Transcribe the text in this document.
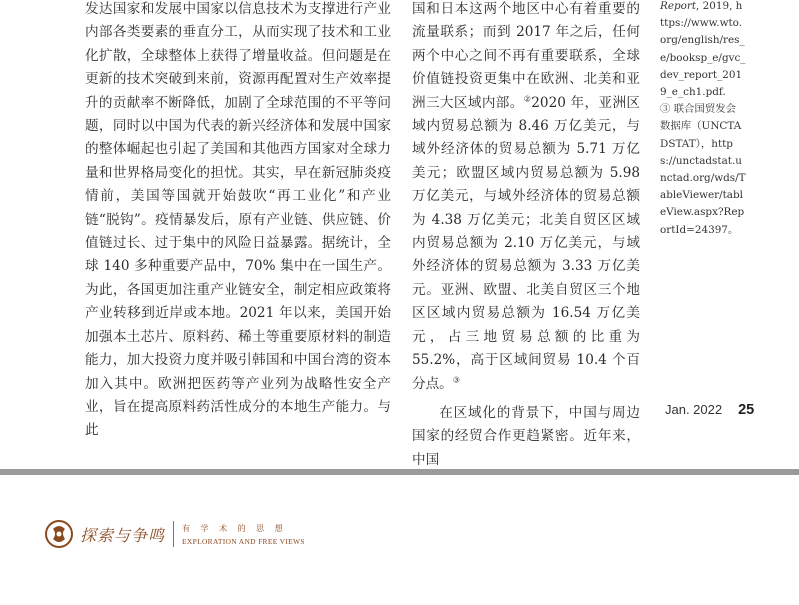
发达国家和发展中国家以信息技术为支撑进行产业内部各类要素的垂直分工，从而实现了技术和工业化扩散，全球整体上获得了增量收益。但问题是在更新的技术突破到来前，资源再配置对生产效率提升的贡献率不断降低，加剧了全球范围的不平等问题，同时以中国为代表的新兴经济体和发展中国家的整体崛起也引起了美国和其他西方国家对全球力量和世界格局变化的担忧。其实，早在新冠肺炎疫情前，美国等国就开始鼓吹“再工业化”和产业链“脱钩”。疫情暴发后，原有产业链、供应链、价值链过长、过于集中的风险日益暴露。据统计，全球 140 多种重要产品中，70% 集中在一国生产。为此，各国更加注重产业链安全，制定相应政策将产业转移到近岸或本地。2021 年以来，美国开始加强本土芯片、原料药、稀土等重要原材料的制造能力，加大投资力度并吸引韩国和中国台湾的资本加入其中。欧洲把医药等产业列为战略性安全产业，旨在提高原料药活性成分的本地生产能力。与此

国和日本这两个地区中心有着重要的流量联系；而到 2017 年之后，任何两个中心之间不再有重要联系，全球价值链投资更集中在欧洲、北美和亚洲三大区域内部。②2020 年，亚洲区域内贸易总额为 8.46 万亿美元，与域外经济体的贸易总额为 5.71 万亿美元；欧盟区域内贸易总额为 5.98 万亿美元，与域外经济体的贸易总额为 4.38 万亿美元；北美自贸区区域内贸易总额为 2.10 万亿美元，与域外经济体的贸易总额为 3.33 万亿美元。亚洲、欧盟、北美自贸区三个地区区域内贸易总额为 16.54 万亿美元，占三地贸易总额的比重为 55.2%，高于区域间贸易 10.4 个百分点。③

在区域化的背景下，中国与周边国家的经贸合作更趋紧密。近年来，中国

Report, 2019, https://www.wto.org/english/res_e/booksp_e/gvc_dev_report_2019_e_ch1.pdf.
③ 联合国贸发会数据库（UNCTADSTAT），https://unctadstat.unctad.org/wds/TableViewer/tableView.aspx?ReportId=24397。
Jan. 2022 25
探索与争鸣 有 学 术 的 思 想
EXPLORATION AND FREE VIEWS
